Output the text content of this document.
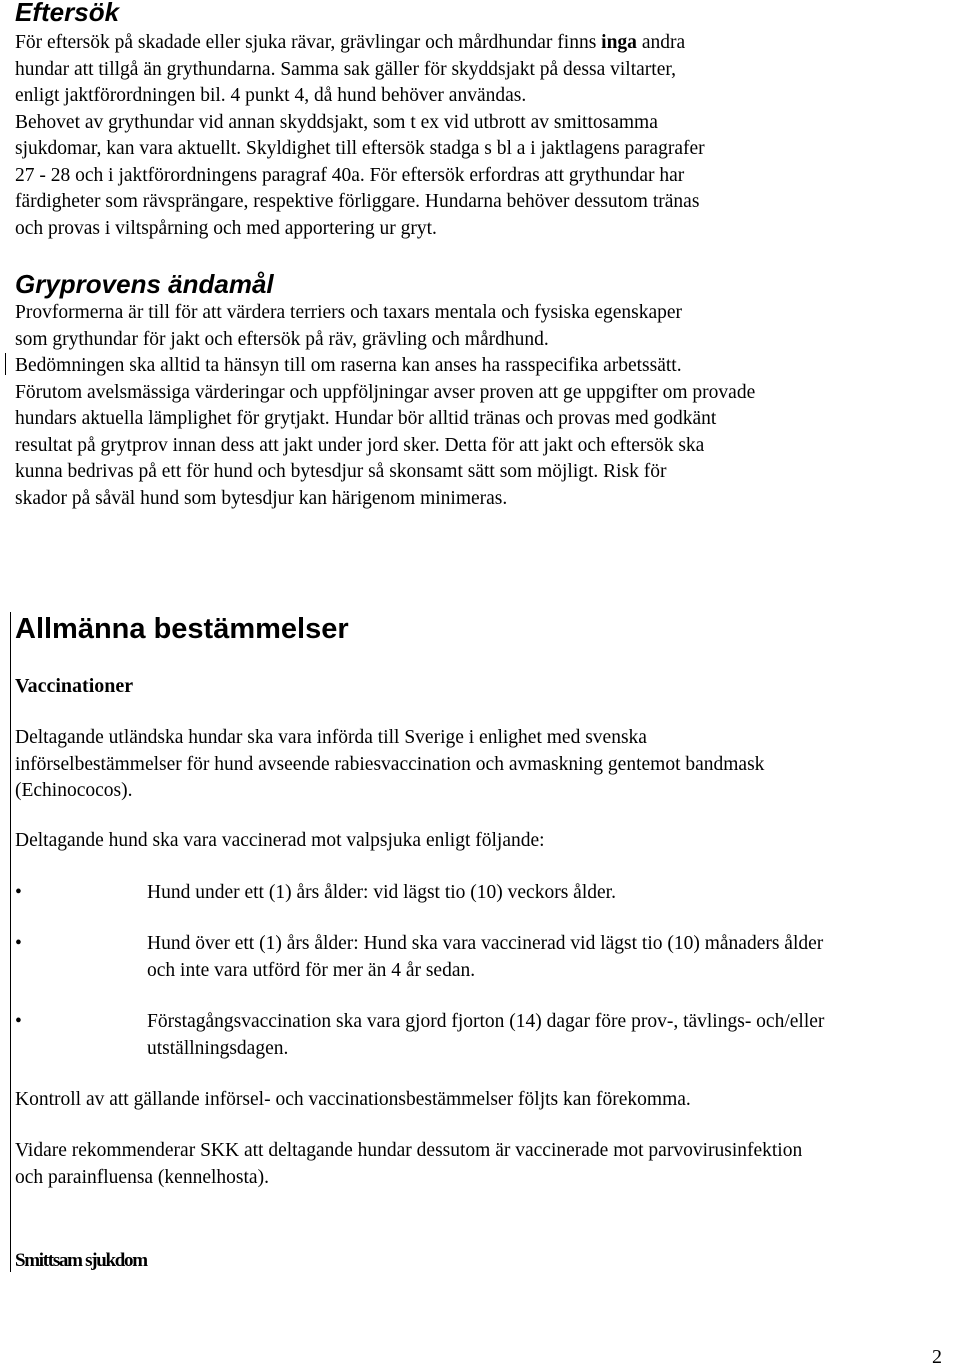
Eftersök

För eftersök på skadade eller sjuka rävar, grävlingar och mårdhundar finns inga andra
hundar att tillgå än grythundarna. Samma sak gäller för skyddsjakt på dessa viltarter,
enligt jaktförordningen bil. 4 punkt 4, då hund behöver användas.
Behovet av grythundar vid annan skyddsjakt, som t ex vid utbrott av smittosamma
sjukdomar, kan vara aktuellt. Skyldighet till eftersök stadga s bl a i jaktlagens paragrafer
27 - 28 och i jaktförordningens paragraf 40a. För eftersök erfordras att grythundar har
färdigheter som rävsprängare, respektive förliggare. Hundarna behöver dessutom tränas
och provas i viltspårning och med apportering ur gryt.

Gryprovens ändamål

Provformerna är till för att värdera terriers och taxars mentala och fysiska egenskaper
som grythundar för jakt och eftersök på räv, grävling och mårdhund.
Bedömningen ska alltid ta hänsyn till om raserna kan anses ha rasspecifika arbetssätt.
Förutom avelsmässiga värderingar och uppföljningar avser proven att ge uppgifter om provade
hundars aktuella lämplighet för grytjakt. Hundar bör alltid tränas och provas med godkänt
resultat på grytprov innan dess att jakt under jord sker. Detta för att jakt och eftersök ska
kunna bedrivas på ett för hund och bytesdjur så skonsamt sätt som möjligt. Risk för
skador på såväl hund som bytesdjur kan härigenom minimeras.

Allmänna bestämmelser
Vaccinationer

Deltagande utländska hundar ska vara införda till Sverige i enlighet med svenska
införselbestämmelser för hund avseende rabiesvaccination och avmaskning gentemot bandmask
(Echinococos).

Deltagande hund ska vara vaccinerad mot valpsjuka enligt följande:

•	Hund under ett (1) års ålder: vid lägst tio (10) veckors ålder.
•	Hund över ett (1) års ålder: Hund ska vara vaccinerad vid lägst tio (10) månaders ålder
och inte vara utförd för mer än 4 år sedan.
•	Förstagångsvaccination ska vara gjord fjorton (14) dagar före prov-, tävlings- och/eller
utställningsdagen.

Kontroll av att gällande införsel- och vaccinationsbestämmelser följts kan förekomma.

Vidare rekommenderar SKK att deltagande hundar dessutom är vaccinerade mot parvovirusinfektion
och parainfluensa (kennelhosta).

Smittsam sjukdom
2
